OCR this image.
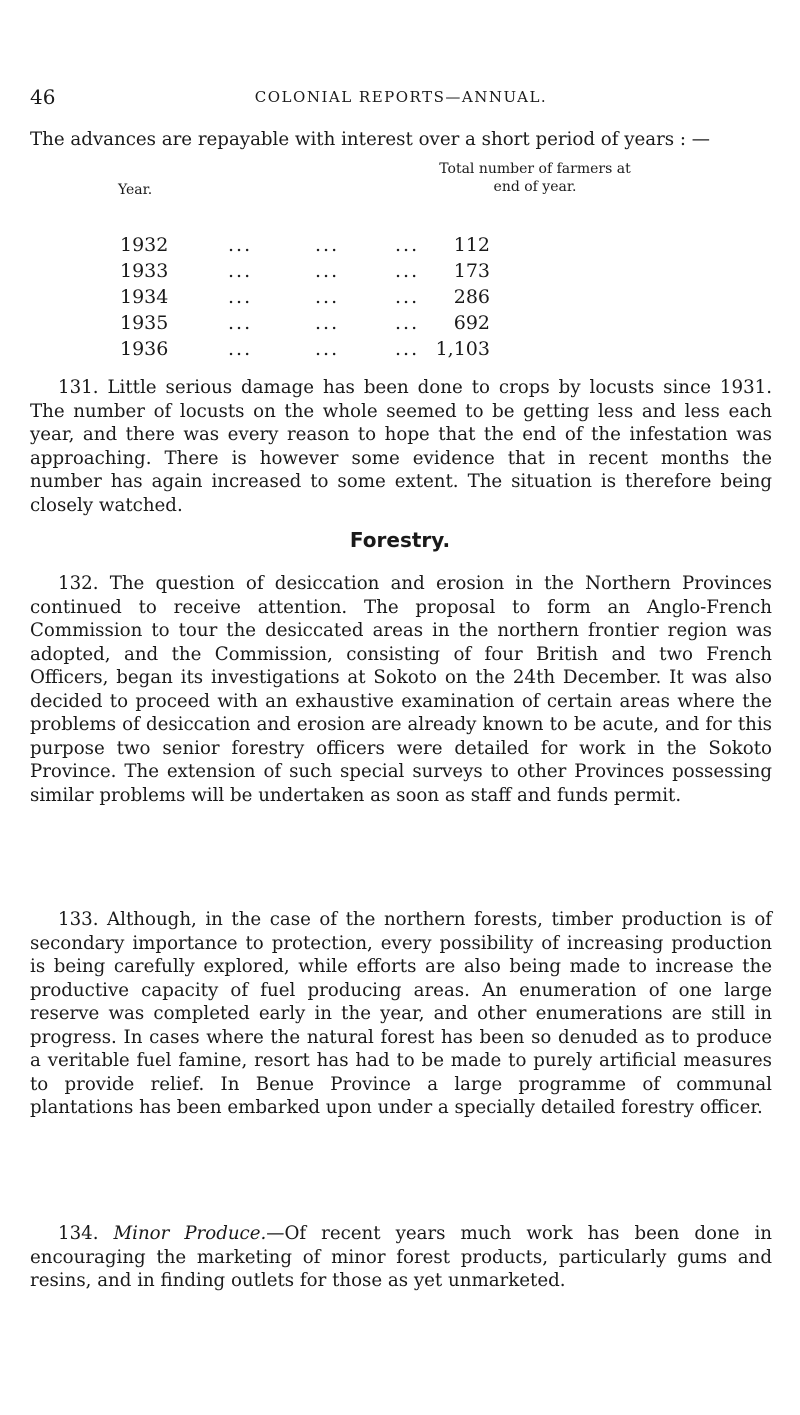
46	COLONIAL REPORTS—ANNUAL.

The advances are repayable with interest over a short period of years : —

Year.
Total number of farmers at end of year.
1932	...	...	... 112
1933	...	...	... 173
1934	...	...	... 286
1935	...	...	... 692
1936	...	...	... 1,103

131. Little serious damage has been done to crops by locusts since 1931. The number of locusts on the whole seemed to be getting less and less each year, and there was every reason to hope that the end of the infestation was approaching. There is however some evidence that in recent months the number has again increased to some extent. The situation is therefore being closely watched.

Forestry.

132. The question of desiccation and erosion in the Northern Provinces continued to receive attention. The proposal to form an Anglo-French Commission to tour the desiccated areas in the northern frontier region was adopted, and the Commission, consisting of four British and two French Officers, began its investigations at Sokoto on the 24th December. It was also decided to proceed with an exhaustive examination of certain areas where the problems of desiccation and erosion are already known to be acute, and for this purpose two senior forestry officers were detailed for work in the Sokoto Province. The extension of such special surveys to other Provinces possessing similar problems will be undertaken as soon as staff and funds permit.

133. Although, in the case of the northern forests, timber production is of secondary importance to protection, every possibility of increasing production is being carefully explored, while efforts are also being made to increase the productive capacity of fuel producing areas. An enumeration of one large reserve was completed early in the year, and other enumerations are still in progress. In cases where the natural forest has been so denuded as to produce a veritable fuel famine, resort has had to be made to purely artificial measures to provide relief. In Benue Province a large programme of communal plantations has been embarked upon under a specially detailed forestry officer.

134. Minor Produce.—Of recent years much work has been done in encouraging the marketing of minor forest products, particularly gums and resins, and in finding outlets for those as yet unmarketed.
